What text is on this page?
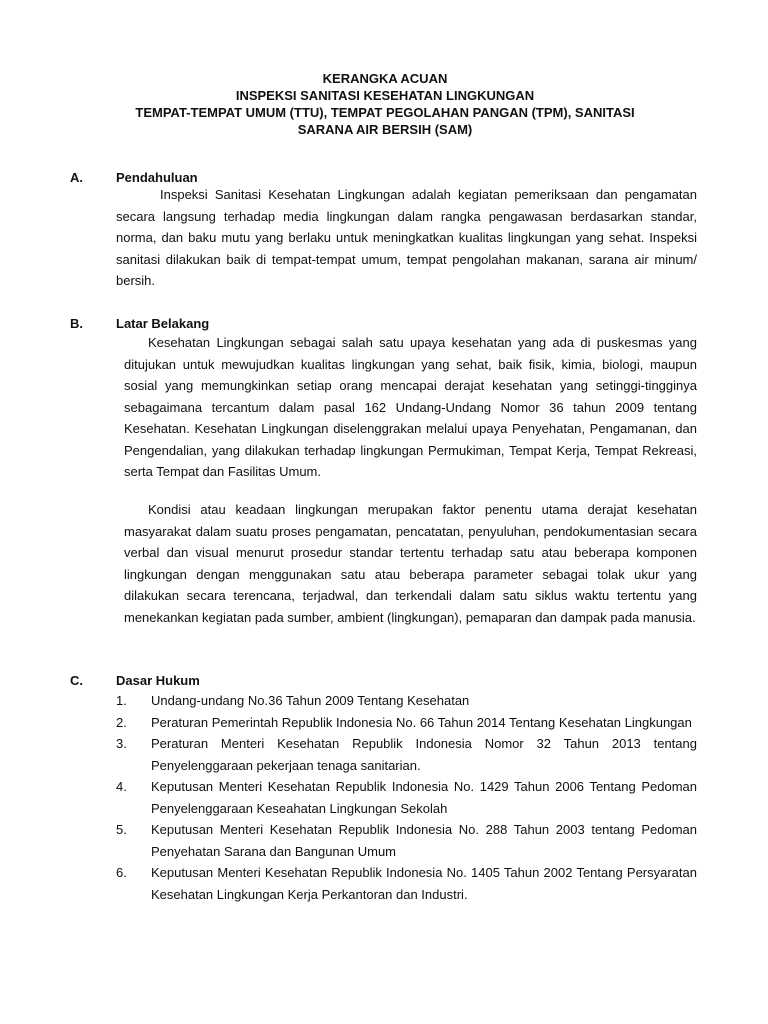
KERANGKA ACUAN
INSPEKSI SANITASI KESEHATAN LINGKUNGAN
TEMPAT-TEMPAT UMUM (TTU), TEMPAT PEGOLAHAN PANGAN (TPM), SANITASI
SARANA AIR BERSIH (SAM)
A.	Pendahuluan
Inspeksi Sanitasi Kesehatan Lingkungan adalah kegiatan pemeriksaan dan pengamatan secara langsung terhadap media lingkungan dalam rangka pengawasan berdasarkan standar, norma, dan baku mutu yang berlaku untuk meningkatkan kualitas lingkungan yang sehat. Inspeksi sanitasi dilakukan baik di tempat-tempat umum, tempat pengolahan makanan, sarana air minum/ bersih.
B.	Latar Belakang
Kesehatan Lingkungan sebagai salah satu upaya kesehatan yang ada di puskesmas yang ditujukan untuk mewujudkan kualitas lingkungan yang sehat, baik fisik, kimia, biologi, maupun sosial yang memungkinkan setiap orang mencapai derajat kesehatan yang setinggi-tingginya sebagaimana tercantum dalam pasal 162 Undang-Undang Nomor 36 tahun 2009 tentang Kesehatan. Kesehatan Lingkungan diselenggrakan melalui upaya Penyehatan, Pengamanan, dan Pengendalian, yang dilakukan terhadap lingkungan Permukiman, Tempat Kerja, Tempat Rekreasi, serta Tempat dan Fasilitas Umum.
Kondisi atau keadaan lingkungan merupakan faktor penentu utama derajat kesehatan masyarakat dalam suatu proses pengamatan, pencatatan, penyuluhan, pendokumentasian secara verbal dan visual menurut prosedur standar tertentu terhadap satu atau beberapa komponen lingkungan dengan menggunakan satu atau beberapa parameter sebagai tolak ukur yang dilakukan secara terencana, terjadwal, dan terkendali dalam satu siklus waktu tertentu yang menekankan kegiatan pada sumber, ambient (lingkungan), pemaparan dan dampak pada manusia.
C.	Dasar Hukum
1. Undang-undang No.36 Tahun 2009 Tentang Kesehatan
2. Peraturan Pemerintah Republik Indonesia No. 66 Tahun 2014 Tentang Kesehatan Lingkungan
3. Peraturan Menteri Kesehatan Republik Indonesia Nomor 32 Tahun 2013 tentang Penyelenggaraan pekerjaan tenaga sanitarian.
4. Keputusan Menteri Kesehatan Republik Indonesia No. 1429 Tahun 2006 Tentang Pedoman Penyelenggaraan Keseahatan Lingkungan Sekolah
5. Keputusan Menteri Kesehatan Republik Indonesia No. 288 Tahun 2003 tentang Pedoman Penyehatan Sarana dan Bangunan Umum
6. Keputusan Menteri Kesehatan Republik Indonesia No. 1405 Tahun 2002 Tentang Persyaratan Kesehatan Lingkungan Kerja Perkantoran dan Industri.
